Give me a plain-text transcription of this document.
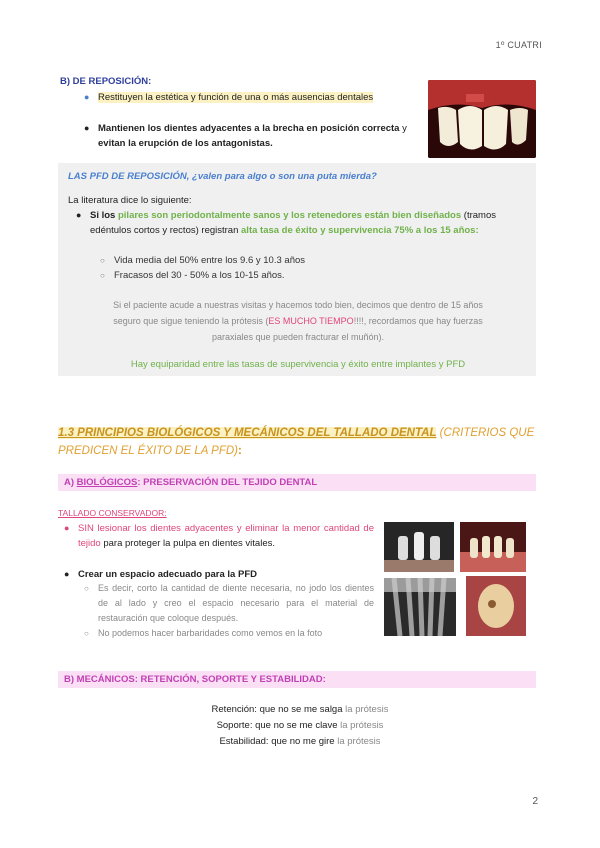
1º CUATRI
B) DE REPOSICIÓN:
● Restituyen la estética y función de una o más ausencias dentales
● Mantienen los dientes adyacentes a la brecha en posición correcta y evitan la erupción de los antagonistas.
LAS PFD DE REPOSICIÓN, ¿valen para algo o son una puta mierda?
La literatura dice lo siguiente:
● Si los pilares son periodontalmente sanos y los retenedores están bien diseñados (tramos edéntulos cortos y rectos) registran alta tasa de éxito y supervivencia 75% a los 15 años:
○ Vida media del 50% entre los 9.6 y 10.3 años
○ Fracasos del 30 - 50% a los 10-15 años.
Si el paciente acude a nuestras visitas y hacemos todo bien, decimos que dentro de 15 años
seguro que sigue teniendo la prótesis (ES MUCHO TIEMPO!!!!, recordamos que hay fuerzas
paraxiales que pueden fracturar el muñón).
Hay equiparidad entre las tasas de supervivencia y éxito entre implantes y PFD
1.3 PRINCIPIOS BIOLÓGICOS Y MECÁNICOS DEL TALLADO DENTAL (CRITERIOS QUE PREDICEN EL ÉXITO DE LA PFD):
A) BIOLÓGICOS: PRESERVACIÓN DEL TEJIDO DENTAL
TALLADO CONSERVADOR:
● SIN lesionar los dientes adyacentes y eliminar la menor cantidad de tejido para proteger la pulpa en dientes vitales.
● Crear un espacio adecuado para la PFD
○ Es decir, corto la cantidad de diente necesaria, no jodo los dientes de al lado y creo el espacio necesario para el material de restauración que coloque después.
○ No podemos hacer barbaridades como vemos en la foto
B) MECÁNICOS: RETENCIÓN, SOPORTE Y ESTABILIDAD:
Retención: que no se me salga la prótesis
Soporte: que no se me clave la prótesis
Estabilidad: que no me gire la prótesis
2
